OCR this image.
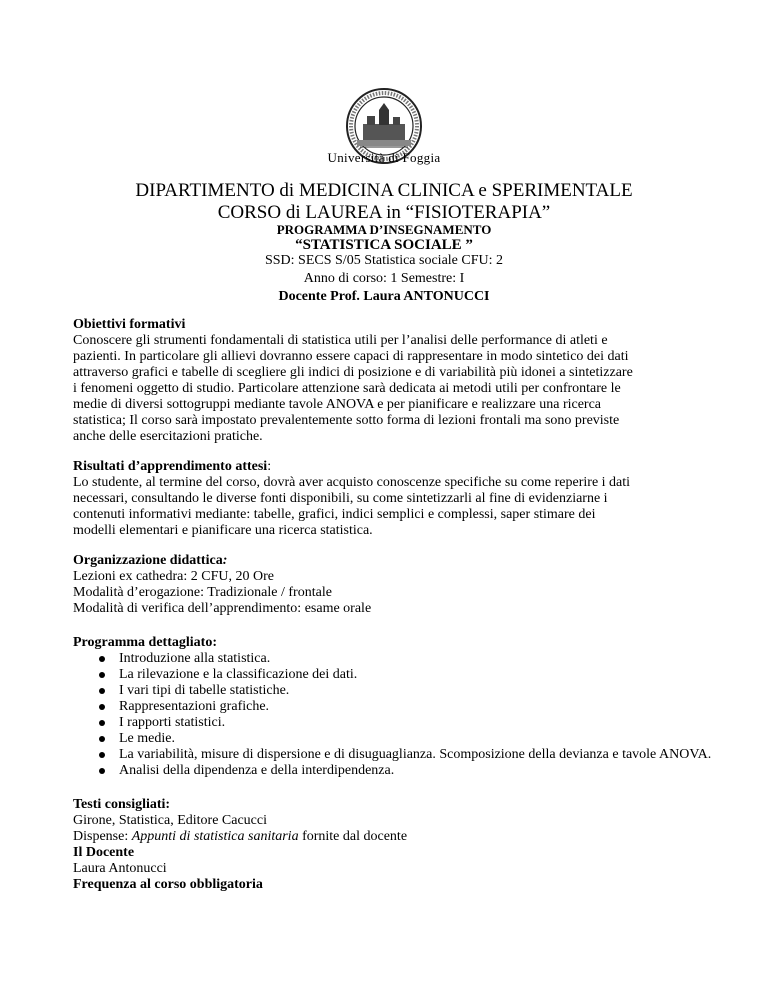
Università di Foggia
DIPARTIMENTO di MEDICINA CLINICA e SPERIMENTALE
CORSO di LAUREA in “FISIOTERAPIA”
PROGRAMMA D’INSEGNAMENTO
“STATISTICA SOCIALE ”
SSD: SECS S/05 Statistica sociale CFU: 2
Anno di corso: 1 Semestre: I
Docente Prof. Laura ANTONUCCI
Obiettivi formativi

Conoscere gli strumenti fondamentali di statistica utili per l’analisi delle performance di atleti e

pazienti. In particolare gli allievi dovranno essere capaci di rappresentare in modo sintetico dei dati

attraverso grafici e tabelle di scegliere gli indici di posizione e di variabilità più idonei a sintetizzare

i fenomeni oggetto di studio. Particolare attenzione sarà dedicata ai metodi utili per confrontare le

medie di diversi sottogruppi mediante tavole ANOVA e per pianificare e realizzare una ricerca

statistica; Il corso sarà impostato prevalentemente sotto forma di lezioni frontali ma sono previste

anche delle esercitazioni pratiche.

Risultati d’apprendimento attesi:

Lo studente, al termine del corso, dovrà aver acquisto conoscenze specifiche su come reperire i dati

necessari, consultando le diverse fonti disponibili, su come sintetizzarli al fine di evidenziarne i

contenuti informativi mediante: tabelle, grafici, indici semplici e complessi, saper stimare dei

modelli elementari e pianificare una ricerca statistica.

Organizzazione didattica:

Lezioni ex cathedra: 2 CFU, 20 Ore

Modalità d’erogazione: Tradizionale / frontale

Modalità di verifica dell’apprendimento: esame orale

Programma dettagliato:
Introduzione alla statistica.
La rilevazione e la classificazione dei dati.
I vari tipi di tabelle statistiche.
Rappresentazioni grafiche.
I rapporti statistici.
Le medie.
La variabilità, misure di dispersione e di disuguaglianza. Scomposizione della devianza e tavole ANOVA.
Analisi della dipendenza e della interdipendenza.
Testi consigliati:

Girone, Statistica, Editore Cacucci

Dispense: Appunti di statistica sanitaria fornite dal docente

Il Docente

Laura Antonucci

Frequenza al corso obbligatoria
